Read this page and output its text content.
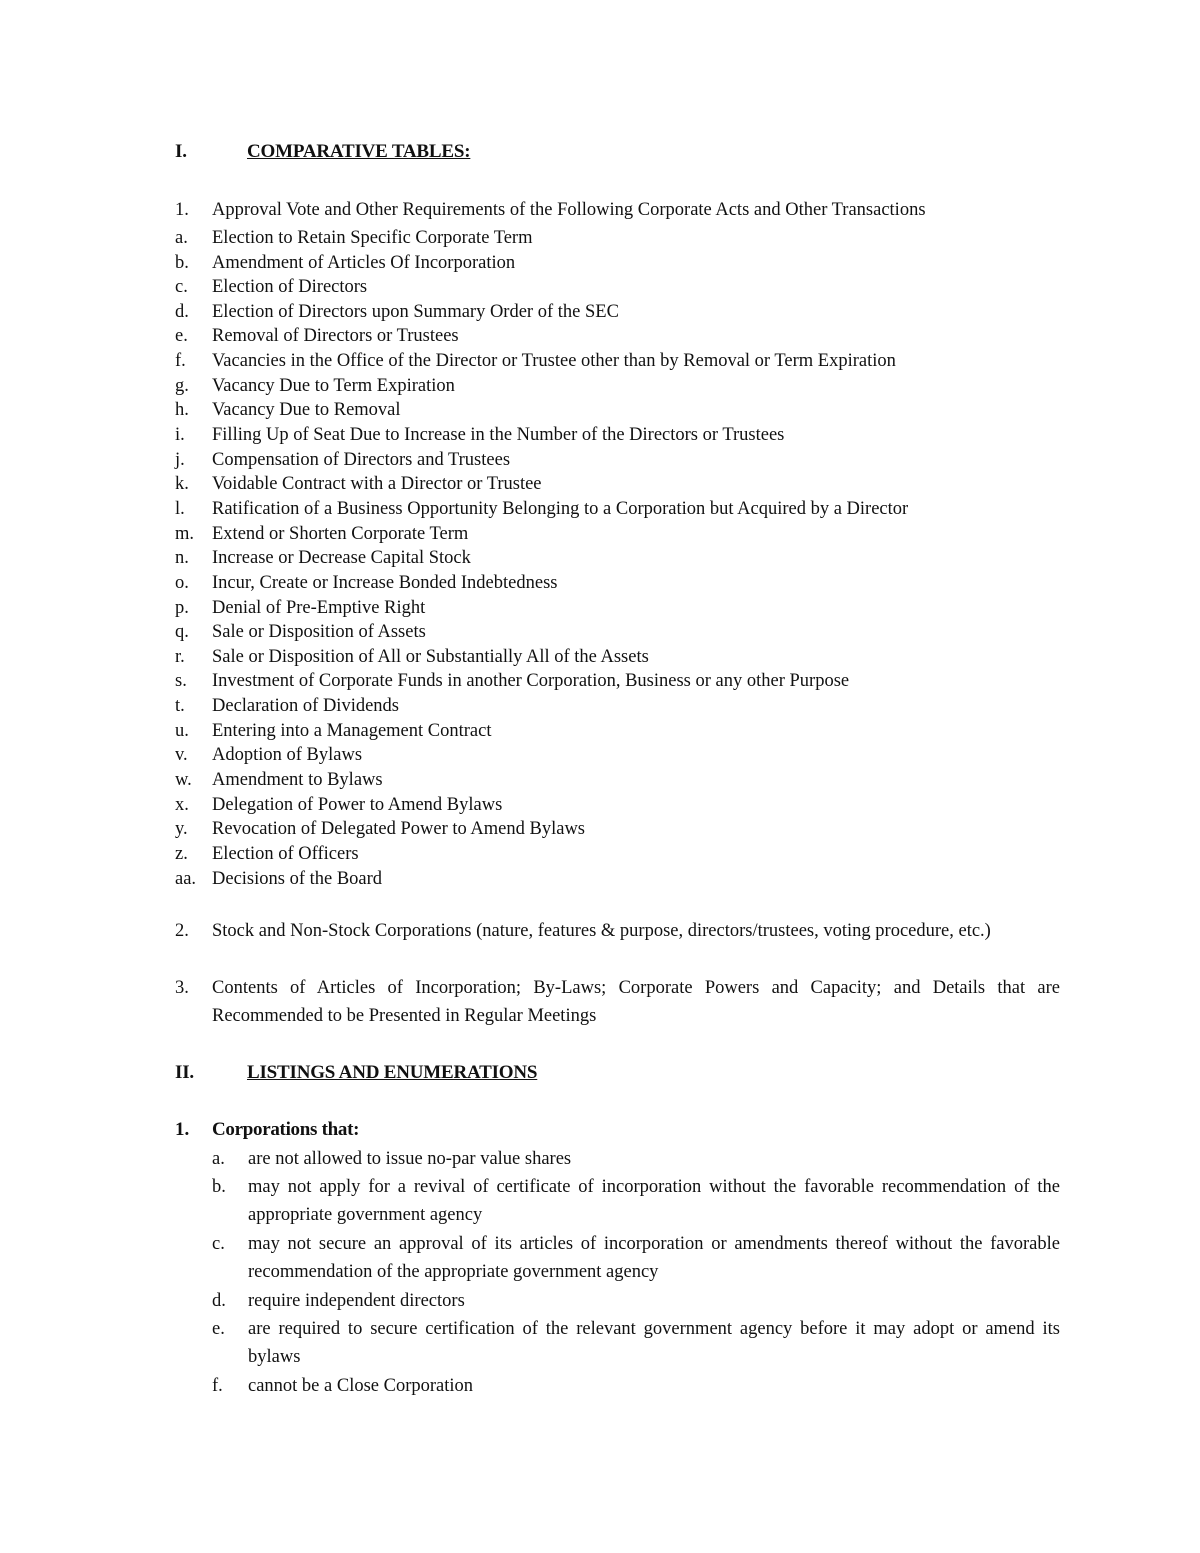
I.	COMPARATIVE TABLES:
1. Approval Vote and Other Requirements of the Following Corporate Acts and Other Transactions
a. Election to Retain Specific Corporate Term
b. Amendment of Articles Of Incorporation
c. Election of Directors
d. Election of Directors upon Summary Order of the SEC
e. Removal of Directors or Trustees
f. Vacancies in the Office of the Director or Trustee other than by Removal or Term Expiration
g. Vacancy Due to Term Expiration
h. Vacancy Due to Removal
i. Filling Up of Seat Due to Increase in the Number of the Directors or Trustees
j. Compensation of Directors and Trustees
k. Voidable Contract with a Director or Trustee
l. Ratification of a Business Opportunity Belonging to a Corporation but Acquired by a Director
m. Extend or Shorten Corporate Term
n. Increase or Decrease Capital Stock
o. Incur, Create or Increase Bonded Indebtedness
p. Denial of Pre-Emptive Right
q. Sale or Disposition of Assets
r. Sale or Disposition of All or Substantially All of the Assets
s. Investment of Corporate Funds in another Corporation, Business or any other Purpose
t. Declaration of Dividends
u. Entering into a Management Contract
v. Adoption of Bylaws
w. Amendment to Bylaws
x. Delegation of Power to Amend Bylaws
y. Revocation of Delegated Power to Amend Bylaws
z. Election of Officers
aa. Decisions of the Board
2. Stock and Non-Stock Corporations (nature, features & purpose, directors/trustees, voting procedure, etc.)
3. Contents of Articles of Incorporation; By-Laws; Corporate Powers and Capacity; and Details that are Recommended to be Presented in Regular Meetings
II.	LISTINGS AND ENUMERATIONS
1. Corporations that:
a. are not allowed to issue no-par value shares
b. may not apply for a revival of certificate of incorporation without the favorable recommendation of the appropriate government agency
c. may not secure an approval of its articles of incorporation or amendments thereof without the favorable recommendation of the appropriate government agency
d. require independent directors
e. are required to secure certification of the relevant government agency before it may adopt or amend its bylaws
f. cannot be a Close Corporation
